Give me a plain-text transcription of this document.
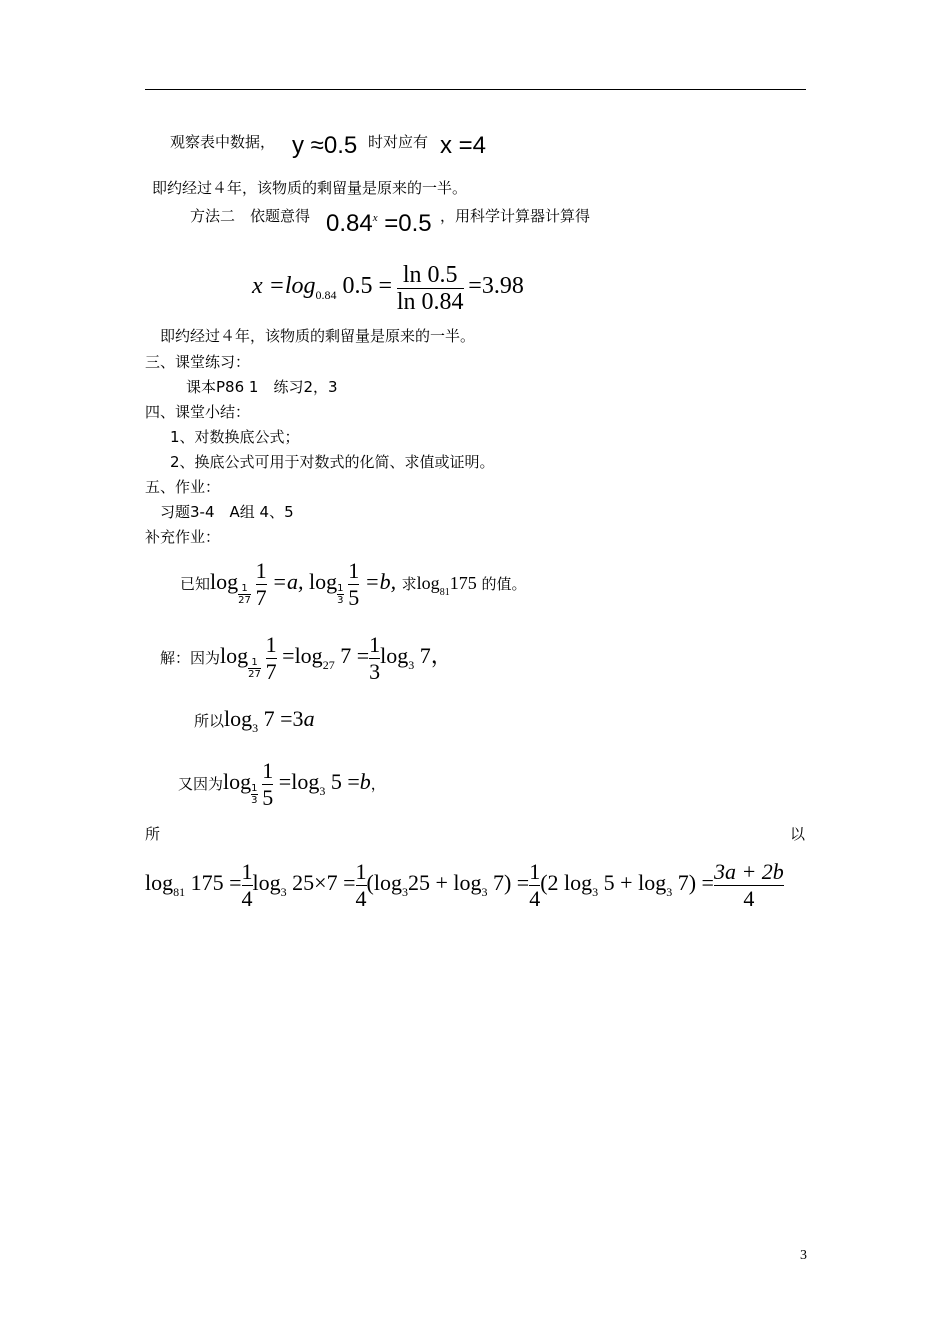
观察表中数据， y ≈0.5 时对应有 x =4
即约经过４年，该物质的剩留量是原来的一半。
方法二　依题意得 $0.84^x =0.5$ ，用科学计算器计算得
$x =\log_{0.84}$ $0.5 = \frac{\ln 0.5}{\ln 0.84} =3.98$
即约经过４年，该物质的剩留量是原来的一半。
三、课堂练习：
课本P86 1　练习2，3
四、课堂小结：
1、对数换底公式；
2、换底公式可用于对数式的化简、求值或证明。
五、作业：
习题3-4　A组 4、5
补充作业：
已知log
$\frac{1}{27}$
$\frac{1}{7} =a$, log
$\frac{1}{3}$
$\frac{1}{5} =b$, 求$\log_{81}175$ 的值。
解：因为log
$\frac{1}{27}$
$\frac{1}{7} =\log_{27}$ $7 = \frac{1}{3} \log_3 7$，
所以$\log_3 7 =3a$
又因为log
$\frac{1}{3}$
$\frac{1}{5} =\log_3$ 5 =b，
所	以
$\log_{81} 175 = \frac{1}{4} \log_3 25\times 7 = \frac{1}{4} (\log_325 + \log_3 7) = \frac{1}{4} (2$ $\log_3 5 + \log_3 7) = \frac{3a + 2b}{4}$
3
